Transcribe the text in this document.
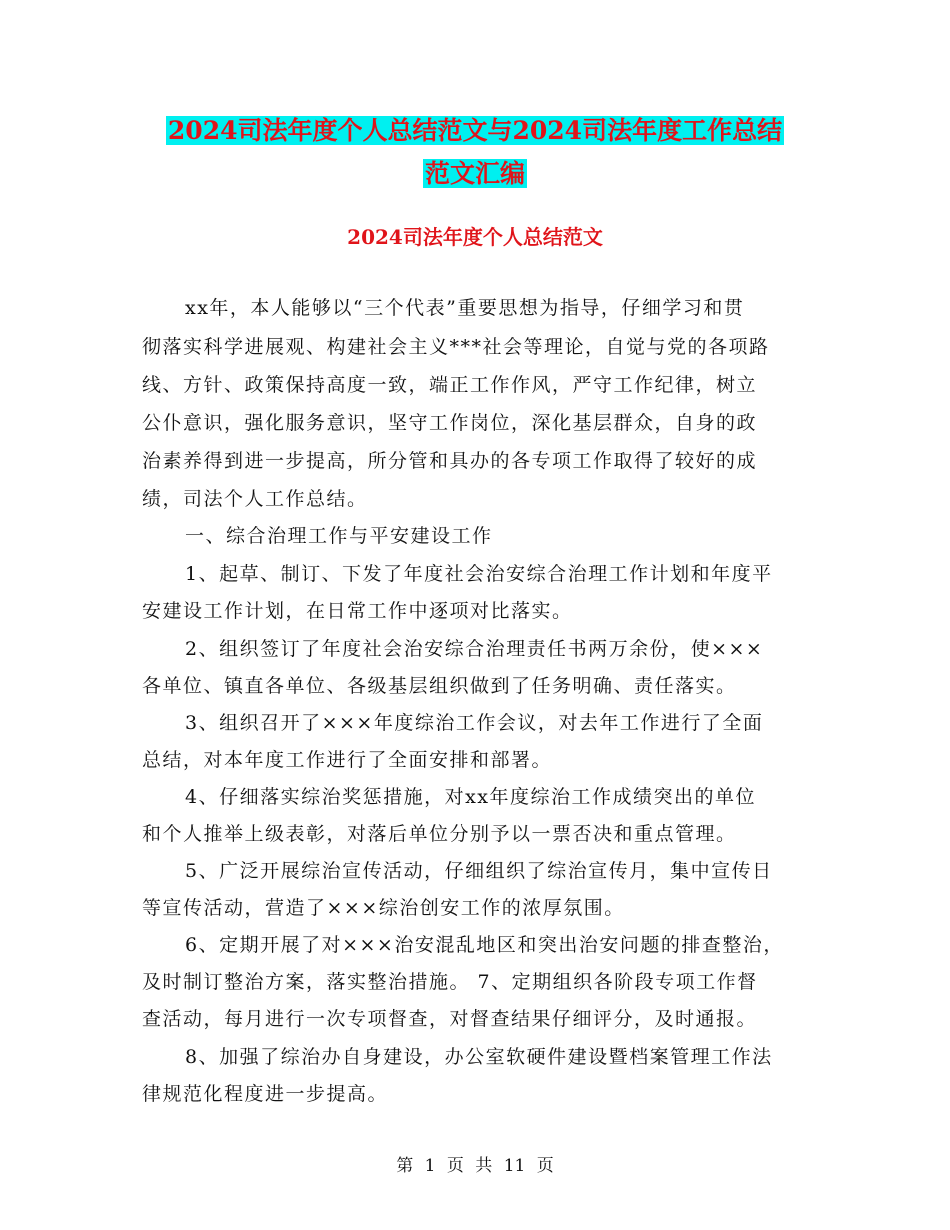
2024司法年度个人总结范文与2024司法年度工作总结
范文汇编
2024司法年度个人总结范文
xx年，本人能够以“三个代表”重要思想为指导，仔细学习和贯
彻落实科学进展观、构建社会主义***社会等理论，自觉与党的各项路
线、方针、政策保持高度一致，端正工作作风，严守工作纪律，树立
公仆意识，强化服务意识，坚守工作岗位，深化基层群众，自身的政
治素养得到进一步提高，所分管和具办的各专项工作取得了较好的成
绩，司法个人工作总结。
一、综合治理工作与平安建设工作
1、起草、制订、下发了年度社会治安综合治理工作计划和年度平
安建设工作计划，在日常工作中逐项对比落实。
2、组织签订了年度社会治安综合治理责任书两万余份，使×××
各单位、镇直各单位、各级基层组织做到了任务明确、责任落实。
3、组织召开了×××年度综治工作会议，对去年工作进行了全面
总结，对本年度工作进行了全面安排和部署。
4、仔细落实综治奖惩措施，对xx年度综治工作成绩突出的单位
和个人推举上级表彰，对落后单位分别予以一票否决和重点管理。
5、广泛开展综治宣传活动，仔细组织了综治宣传月，集中宣传日
等宣传活动，营造了×××综治创安工作的浓厚氛围。
6、定期开展了对×××治安混乱地区和突出治安问题的排查整治，
及时制订整治方案，落实整治措施。 7、定期组织各阶段专项工作督
查活动，每月进行一次专项督查，对督查结果仔细评分，及时通报。
8、加强了综治办自身建设，办公室软硬件建设暨档案管理工作法
律规范化程度进一步提高。
第 1 页 共 11 页
